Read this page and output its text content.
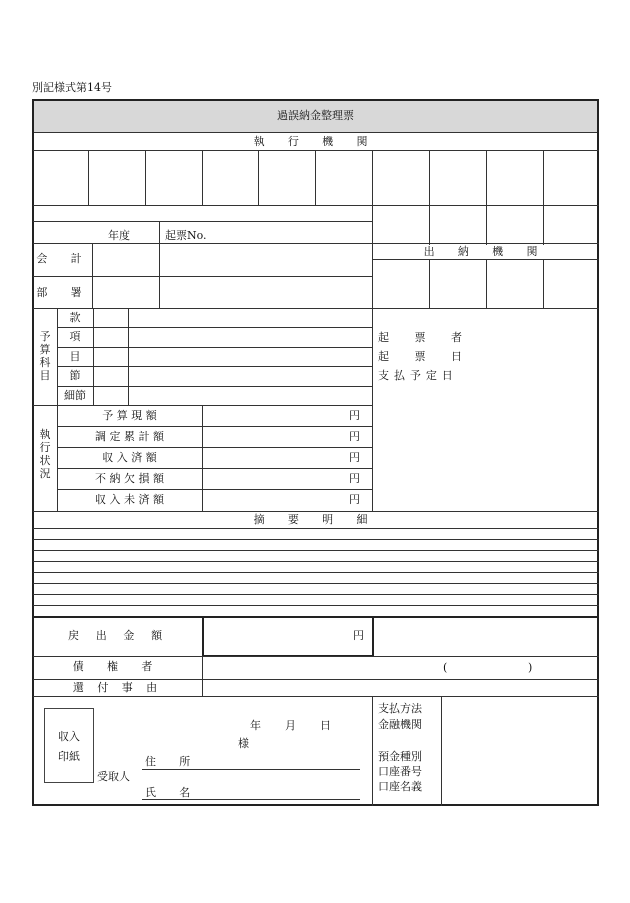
別記様式第14号
過誤納金整理票
執 行 機 関
年度	起票No.
出 納 機 関
会 計
部 署
予算科目
款
項
目
節
細節
起 票 者
起 票 日
支払予定日
執行状況
予 算 現 額	円
調 定 累 計 額	円
収 入 済 額	円
不 納 欠 損 額	円
収 入 未 済 額	円
摘 要 明 細
戻 出 金 額	円
債 権 者	(	)
還 付 事 由
収入
印紙
年 月 日
様
受取人
住 所
氏 名
支払方法
金融機関
預金種別
口座番号
口座名義
